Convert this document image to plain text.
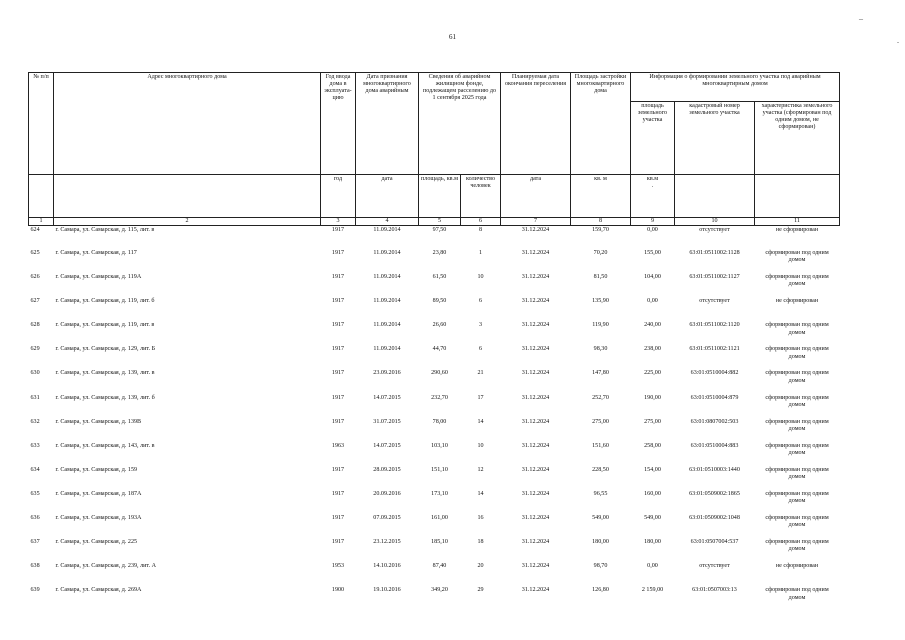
61
–
.
№ п/п	Адрес многоквартирного дома	Год ввода дома в эксплуата-цию	Дата признания многоквартирного дома аварийным	Сведения об аварийном жилищном фонде, подлежащем расселению до 1 сентября 2025 года		Планируемая дата окончания переселения	Площадь застройки многоквартирного дома	Информация о формировании земельного участка под аварийным многоквартирным домом		
								площадь земельного участка	кадастровый номер земельного участка	характеристика земельного участка (сформирован под одним домом, не сформирован)
		год	дата	площадь, кв.м	количество человек	дата	кв. м	кв.м
.		
1	2	3	4	5	6	7	8	9	10	11
624	г. Самара, ул. Самарская, д. 115, лит. в	1917	11.09.2014	97,50	8	31.12.2024	159,70	0,00	отсутствует	не сформирован
625	г. Самара, ул. Самарская, д. 117	1917	11.09.2014	23,80	1	31.12.2024	70,20	155,00	63:01:0511002:1128	сформирован под одним домом
626	г. Самара, ул. Самарская, д. 119А	1917	11.09.2014	61,50	10	31.12.2024	81,50	104,00	63:01:0511002:1127	сформирован под одним домом
627	г. Самара, ул. Самарская, д. 119, лит. б	1917	11.09.2014	89,50	6	31.12.2024	135,90	0,00	отсутствует	не сформирован
628	г. Самара, ул. Самарская, д. 119, лит. в	1917	11.09.2014	26,60	3	31.12.2024	119,90	240,00	63:01:0511002:1120	сформирован под одним домом
629	г. Самара, ул. Самарская, д. 129, лит. Б	1917	11.09.2014	44,70	6	31.12.2024	98,30	238,00	63:01:0511002:1121	сформирован под одним домом
630	г. Самара, ул. Самарская, д. 139, лит. в	1917	23.09.2016	290,60	21	31.12.2024	147,80	225,00	63:01:0510004:882	сформирован под одним домом
631	г. Самара, ул. Самарская, д. 139, лит. б	1917	14.07.2015	232,70	17	31.12.2024	252,70	190,00	63:01:0510004:879	сформирован под одним домом
632	г. Самара, ул. Самарская, д. 139В	1917	31.07.2015	78,00	14	31.12.2024	275,00	275,00	63:01:0807002:503	сформирован под одним домом
633	г. Самара, ул. Самарская, д. 143, лит. в	1963	14.07.2015	103,10	10	31.12.2024	151,60	258,00	63:01:0510004:883	сформирован под одним домом
634	г. Самара, ул. Самарская, д. 159	1917	28.09.2015	151,10	12	31.12.2024	228,50	154,00	63:01:0510003:1440	сформирован под одним домом
635	г. Самара, ул. Самарская, д. 187А	1917	20.09.2016	173,10	14	31.12.2024	96,55	160,00	63:01:0509002:1865	сформирован под одним домом
636	г. Самара, ул. Самарская, д. 193А	1917	07.09.2015	161,00	16	31.12.2024	549,00	549,00	63:01:0509002:1048	сформирован под одним домом
637	г. Самара, ул. Самарская, д. 225	1917	23.12.2015	185,10	18	31.12.2024	180,00	180,00	63:01:0507004:537	сформирован под одним домом
638	г. Самара, ул. Самарская, д. 239, лит. А	1953	14.10.2016	87,40	20	31.12.2024	98,70	0,00	отсутствует	не сформирован
639	г. Самара, ул. Самарская, д. 269А	1900	19.10.2016	349,20	29	31.12.2024	126,80	2 159,00	63:01:0507003:13	сформирован под одним домом
